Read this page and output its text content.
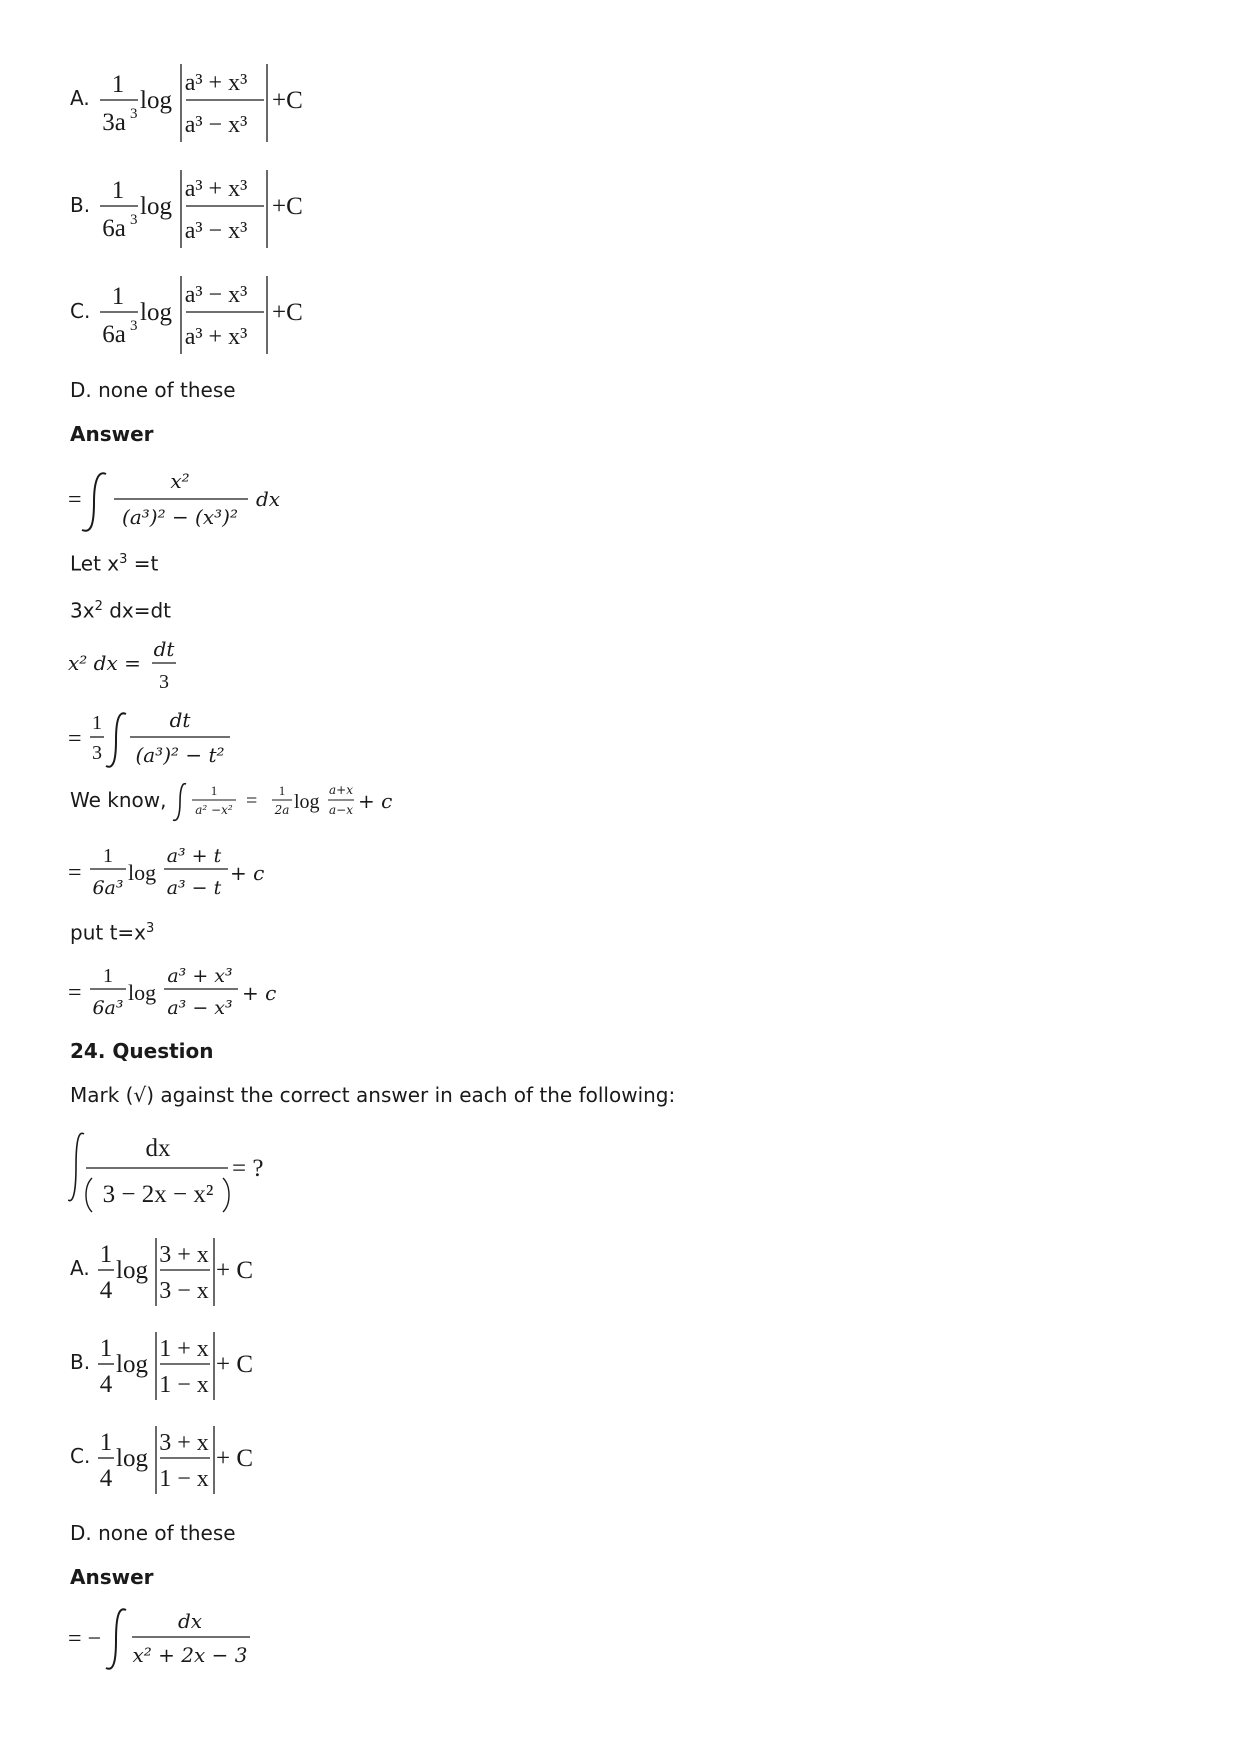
A. 1
3a 3 log
a³ + x³
a³ − x³
+C
B.
1
6a 3 log
a³ + x³
a³ − x³
+C
C.
1
6a 3 log
a³ − x³
a³ + x³
+C
D. none of these
Answer
=
x²
(a³)² − (x³)²
dx
Let $x^3 =t$
$3x^2$ dx=dt
x² dx =
dt
3
=
1
3
dt
(a³)² − t²
We know,	1
a² −x² = 1
2a log
a+x
a−x + c
=
1
6a³
log
a³ + t
a³ − t
+ c
put $t=x^3$
=
1
6a³
log
a³ + x³
a³ − x³
+ c
24. Question
Mark (√) against the correct answer in each of the following:
dx
3 − 2x − x²
= ?
A. 1
4
log
3 + x
3 − x
+ C
B. 1
4
log
1 + x
1 − x
+ C
C. 1
4
log
3 + x
1 − x
+ C
D. none of these
Answer
= −
dx
x² + 2x − 3
